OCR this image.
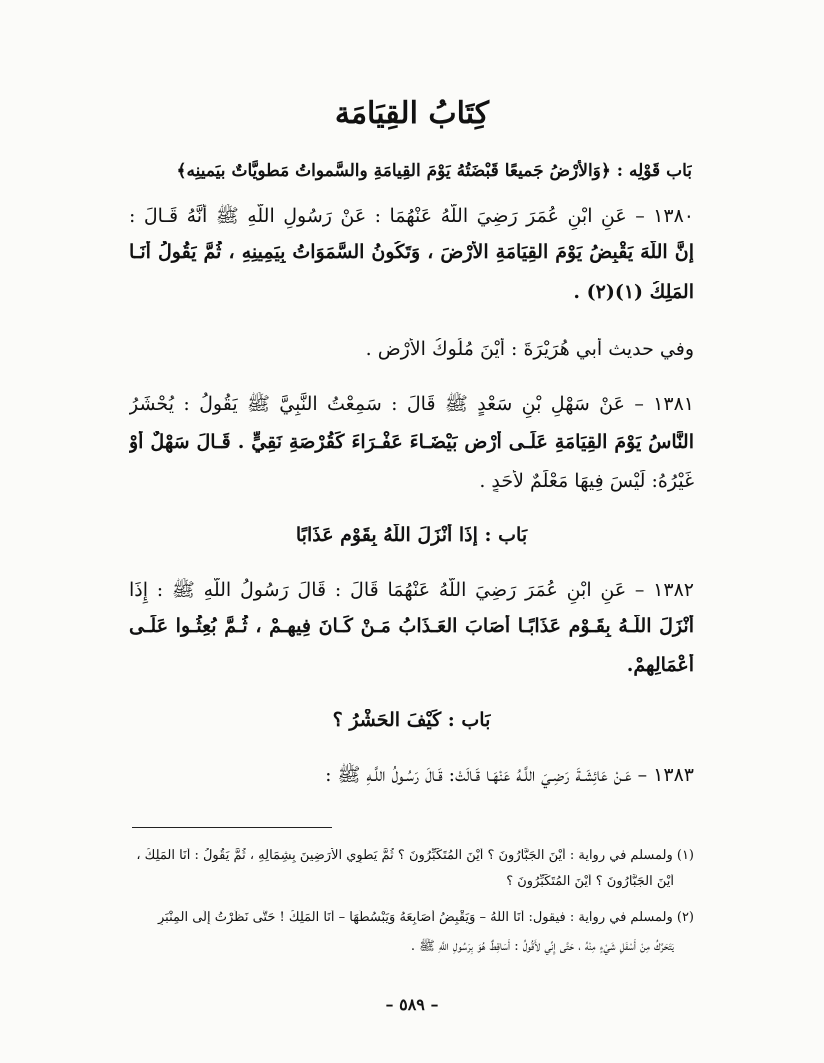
كِتَابُ القِيَامَة
بَاب قَوْلِه : ﴿وَالأَرْضُ جَميعًا قَبْضَتُهُ يَوْمَ القِيامَةِ والسَّمواتُ مَطويَّاتٌ بيَمينِه﴾
١٣٨٠ – عَنِ ابْنِ عُمَرَ رَضِيَ اللَّهُ عَنْهُمَا : عَنْ رَسُولِ اللَّهِ ﷺ أَنَّهُ قَـالَ :
إِنَّ اللَّهَ يَقْبِضُ يَوْمَ القِيَامَةِ الأَرْضَ ، وَتَكُونُ السَّمَوَاتُ بِيَمِينِهِ ، ثُمَّ يَقُولُ أَنَـا
المَلِكُ (١)(٢) .
وفي حديث أَبي هُرَيْرَةَ : أَيْنَ مُلُوكُ الأَرْضِ .
١٣٨١ – عَنْ سَهْلِ بْنِ سَعْدٍ ﷺ قَالَ : سَمِعْتُ النَّبِيَّ ﷺ يَقُولُ : يُحْشَرُ
النَّاسُ يَوْمَ القِيَامَةِ عَلَـى أَرْضٍ بَيْضَـاءَ عَفْـرَاءَ كَقُرْصَةِ نَقِيٍّ . قَـالَ سَهْلٌ أَوْ
غَيْرُهُ: لَيْسَ فِيهَا مَعْلَمٌ لأَحَدٍ .
بَاب : إِذَا أَنْزَلَ اللَّهُ بِقَوْمٍ عَذَابًا
١٣٨٢ – عَنِ ابْنِ عُمَرَ رَضِيَ اللَّهُ عَنْهُمَا قَالَ : قَالَ رَسُولُ اللَّهِ ﷺ : إِذَا
أَنْزَلَ اللَّـهُ بِقَـوْمٍ عَذَابًـا أَصَابَ العَـذَابُ مَـنْ كَـانَ فِيهِـمْ ، ثُـمَّ بُعِثُـوا عَلَـى
أَعْمَالِهِمْ.
بَاب : كَيْفَ الحَشْرُ ؟
١٣٨٣ – عَـنْ عَائِشَـةَ رَضِـيَ اللَّـهُ عَنْهَـا قَـالَتْ: قَـالَ رَسُـولُ اللَّـهِ ﷺ :
(١) ولمسلم في رواية : أَيْنَ الجَبَّارُونَ ؟ أَيْنَ المُتَكَبِّرُونَ ؟ ثُمَّ يَطوِي الأَرَضِينَ بِشِمَالِهِ ، ثُمَّ يَقُولُ : أَنَا المَلِكُ ،
أَيْنَ الجَبَّارُونَ ؟ أَيْنَ المُتَكَبِّرُونَ ؟
(٢) ولمسلم في رواية : فيقول: أَنَا اللَّهُ – وَيَقْبِضُ أَصَابِعَهُ وَيَبْسُطُهَا – أَنَا المَلِكُ ! حَتَّى نَظَرْتُ إِلَى المِنْبَرِ
يَتَحَرَّكُ مِنْ أَسْفَلِ شَيْءٍ مِنْهُ ، حَتَّى إِنِّي لأَقُولُ : أَسَاقِطٌ هُوَ بِرَسُولِ اللَّهِ ﷺ .
– ٥٨٩ –
